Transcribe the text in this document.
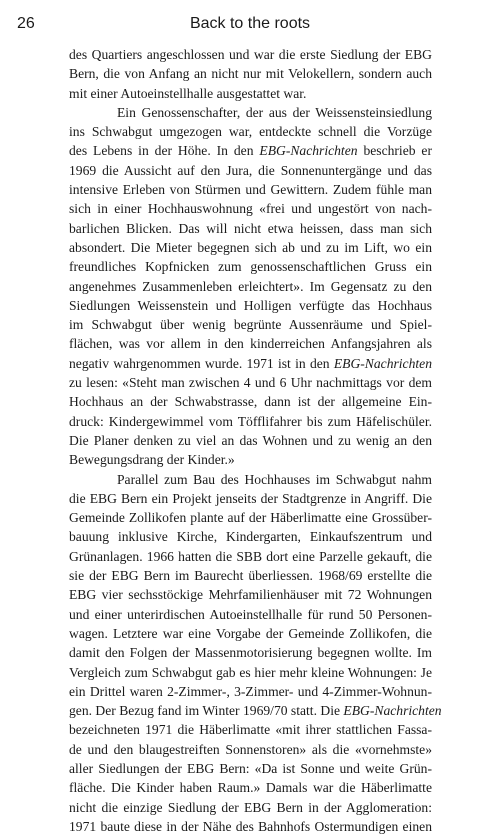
26	Back to the roots
des Quartiers angeschlossen und war die erste Siedlung der EBG
Bern, die von Anfang an nicht nur mit Velokellern, sondern auch
mit einer Autoeinstellhalle ausgestattet war.
Ein Genossenschafter, der aus der Weissensteinsiedlung
ins Schwabgut umgezogen war, entdeckte schnell die Vorzüge
des Lebens in der Höhe. In den EBG-Nachrichten beschrieb er
1969 die Aussicht auf den Jura, die Sonnenuntergänge und das
intensive Erleben von Stürmen und Gewittern. Zudem fühle man
sich in einer Hochhauswohnung «frei und ungestört von nach-
barlichen Blicken. Das will nicht etwa heissen, dass man sich
absondert. Die Mieter begegnen sich ab und zu im Lift, wo ein
freundliches Kopfnicken zum genossenschaftlichen Gruss ein
angenehmes Zusammenleben erleichtert». Im Gegensatz zu den
Siedlungen Weissenstein und Holligen verfügte das Hochhaus
im Schwabgut über wenig begrünte Aussenräume und Spiel-
flächen, was vor allem in den kinderreichen Anfangsjahren als
negativ wahrgenommen wurde. 1971 ist in den EBG-Nachrichten
zu lesen: «Steht man zwischen 4 und 6 Uhr nachmittags vor dem
Hochhaus an der Schwabstrasse, dann ist der allgemeine Ein-
druck: Kindergewimmel vom Töfflifahrer bis zum Häfelischüler.
Die Planer denken zu viel an das Wohnen und zu wenig an den
Bewegungsdrang der Kinder.»
Parallel zum Bau des Hochhauses im Schwabgut nahm
die EBG Bern ein Projekt jenseits der Stadtgrenze in Angriff. Die
Gemeinde Zollikofen plante auf der Häberlimatte eine Grossüber-
bauung inklusive Kirche, Kindergarten, Einkaufszentrum und
Grünanlagen. 1966 hatten die SBB dort eine Parzelle gekauft, die
sie der EBG Bern im Baurecht überliessen. 1968/69 erstellte die
EBG vier sechsstöckige Mehrfamilienhäuser mit 72 Wohnungen
und einer unterirdischen Autoeinstellhalle für rund 50 Personen-
wagen. Letztere war eine Vorgabe der Gemeinde Zollikofen, die
damit den Folgen der Massenmotorisierung begegnen wollte. Im
Vergleich zum Schwabgut gab es hier mehr kleine Wohnungen: Je
ein Drittel waren 2-Zimmer-, 3-Zimmer- und 4-Zimmer-Wohnun-
gen. Der Bezug fand im Winter 1969/70 statt. Die EBG-Nachrichten
bezeichneten 1971 die Häberlimatte «mit ihrer stattlichen Fassa-
de und den blaugestreiften Sonnenstoren» als die «vornehmste»
aller Siedlungen der EBG Bern: «Da ist Sonne und weite Grün-
fläche. Die Kinder haben Raum.» Damals war die Häberlimatte
nicht die einzige Siedlung der EBG Bern in der Agglomeration:
1971 baute diese in der Nähe des Bahnhofs Ostermundigen einen
